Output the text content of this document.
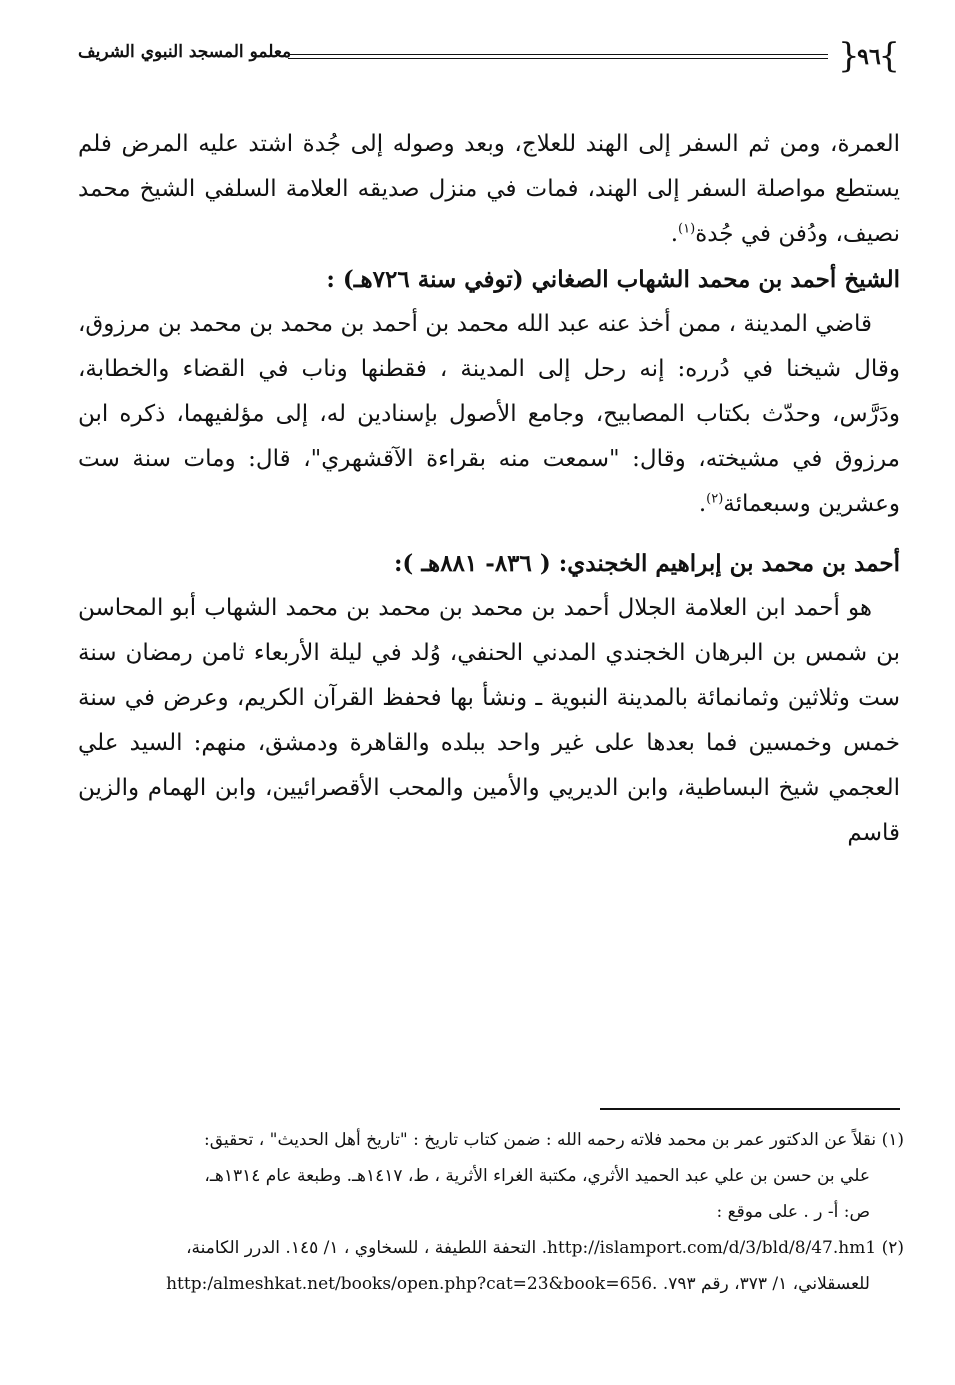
}
٩٦
{
معلمو المسجد النبوي الشريف

العمرة، ومن ثم السفر إلى الهند للعلاج، وبعد وصوله إلى جُدة اشتد عليه المرض فلم يستطع مواصلة السفر إلى الهند، فمات في منزل صديقه العلامة السلفي الشيخ محمد نصيف، ودُفن في جُدة$^{(١)}$.

الشيخ أحمد بن محمد الشهاب الصغاني (توفي سنة ٧٢٦هـ) :

قاضي المدينة ، ممن أخذ عنه عبد الله محمد بن أحمد بن محمد بن محمد بن مرزوق، وقال شيخنا في دُرره: إنه رحل إلى المدينة ، فقطنها وناب في القضاء والخطابة، ودَرَّس، وحدّث بكتاب المصابيح، وجامع الأصول بإسنادين له، إلى مؤلفيهما، ذكره ابن مرزوق في مشيخته، وقال: "سمعت منه بقراءة الآقشهري"، قال: ومات سنة ست وعشرين وسبعمائة$^{(٢)}$.

أحمد بن محمد بن إبراهيم الخجندي: ( ٨٣٦- ٨٨١هـ ):

هو أحمد ابن العلامة الجلال أحمد بن محمد بن محمد بن محمد الشهاب أبو المحاسن بن شمس بن البرهان الخجندي المدني الحنفي، وُلد في ليلة الأربعاء ثامن رمضان سنة ست وثلاثين وثمانمائة بالمدينة النبوية ـ ونشأ بها فحفظ القرآن الكريم، وعرض في سنة خمس وخمسين فما بعدها على غير واحد ببلده والقاهرة ودمشق، منهم: السيد علي العجمي شيخ البساطية، وابن الديريي والأمين والمحب الأقصرائيين، وابن الهمام والزين قاسم

(١) نقلاً عن الدكتور عمر بن محمد فلاته رحمه الله : ضمن كتاب تاريخ : "تاريخ أهل الحديث" ، تحقيق:

علي بن حسن بن علي عبد الحميد الأثري، مكتبة الغراء الأثرية ، ط، ١٤١٧هـ. وطبعة عام ١٣١٤هـ،

ص: أ- ر . على موقع :

(٢) http://islamport.com/d/3/bld/8/47.hm1. التحفة اللطيفة ، للسخاوي ، ١/ ١٤٥. الدرر الكامنة،

للعسقلاني، ١/ ٣٧٣، رقم ٧٩٣. http:/almeshkat.net/books/open.php?cat=23&book=656.
